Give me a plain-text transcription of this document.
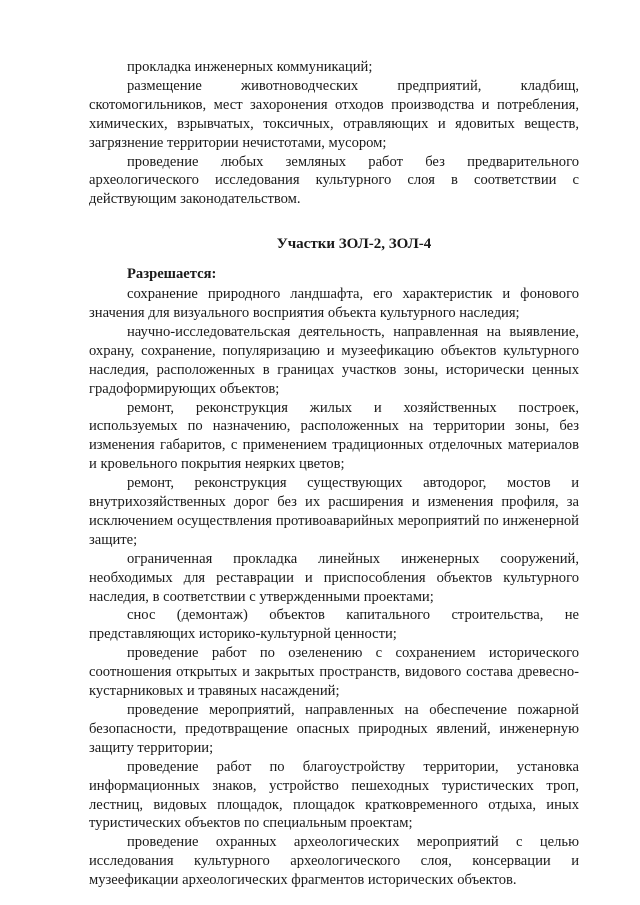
прокладка инженерных коммуникаций;

размещение животноводческих предприятий, кладбищ, скотомогильников, мест захоронения отходов производства и потребления, химических, взрывчатых, токсичных, отравляющих и ядовитых веществ, загрязнение территории нечистотами, мусором;

проведение любых земляных работ без предварительного археологического исследования культурного слоя в соответствии с действующим законодательством.

Участки ЗОЛ-2, ЗОЛ-4
Разрешается:

сохранение природного ландшафта, его характеристик и фонового значения для визуального восприятия объекта культурного наследия;

научно-исследовательская деятельность, направленная на выявление, охрану, сохранение, популяризацию и музеефикацию объектов культурного наследия, расположенных в границах участков зоны, исторически ценных градоформирующих объектов;

ремонт, реконструкция жилых и хозяйственных построек, используемых по назначению, расположенных на территории зоны, без изменения габаритов, с применением традиционных отделочных материалов и кровельного покрытия неярких цветов;

ремонт, реконструкция существующих автодорог, мостов и внутрихозяйственных дорог без их расширения и изменения профиля, за исключением осуществления противоаварийных мероприятий по инженерной защите;

ограниченная прокладка линейных инженерных сооружений, необходимых для реставрации и приспособления объектов культурного наследия, в соответствии с утвержденными проектами;

снос (демонтаж) объектов капитального строительства, не представляющих историко-культурной ценности;

проведение работ по озеленению с сохранением исторического соотношения открытых и закрытых пространств, видового состава древесно-кустарниковых и травяных насаждений;

проведение мероприятий, направленных на обеспечение пожарной безопасности, предотвращение опасных природных явлений, инженерную защиту территории;

проведение работ по благоустройству территории, установка информационных знаков, устройство пешеходных туристических троп, лестниц, видовых площадок, площадок кратковременного отдыха, иных туристических объектов по специальным проектам;

проведение охранных археологических мероприятий с целью исследования культурного археологического слоя, консервации и музеефикации археологических фрагментов исторических объектов.
